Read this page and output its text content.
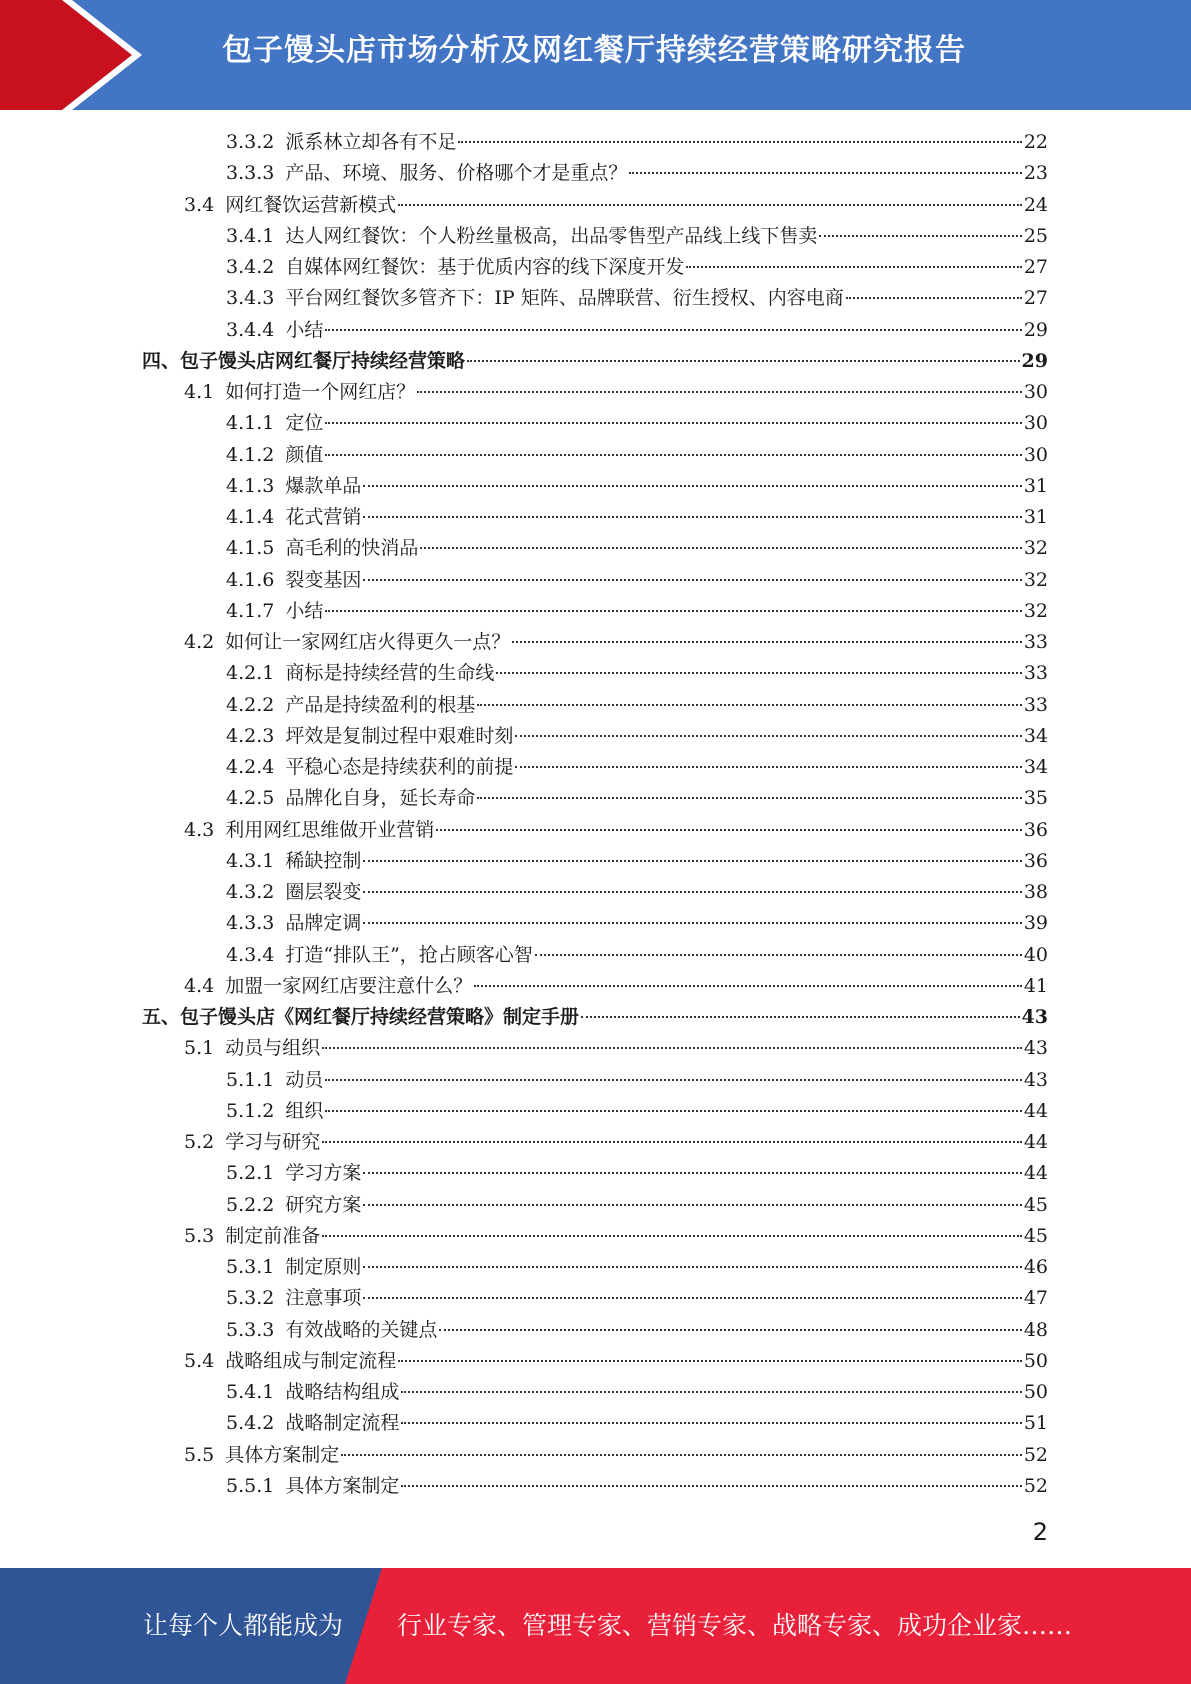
包子馒头店市场分析及网红餐厅持续经营策略研究报告
3.3.2 派系林立却各有不足	22
3.3.3 产品、环境、服务、价格哪个才是重点？	23
3.4 网红餐饮运营新模式	24
3.4.1 达人网红餐饮：个人粉丝量极高，出品零售型产品线上线下售卖	25
3.4.2 自媒体网红餐饮：基于优质内容的线下深度开发	27
3.4.3 平台网红餐饮多管齐下：IP 矩阵、品牌联营、衍生授权、内容电商	27
3.4.4 小结	29
四、包子馒头店网红餐厅持续经营策略	29
4.1 如何打造一个网红店？	30
4.1.1 定位	30
4.1.2 颜值	30
4.1.3 爆款单品	31
4.1.4 花式营销	31
4.1.5 高毛利的快消品	32
4.1.6 裂变基因	32
4.1.7 小结	32
4.2 如何让一家网红店火得更久一点？	33
4.2.1 商标是持续经营的生命线	33
4.2.2 产品是持续盈利的根基	33
4.2.3 坪效是复制过程中艰难时刻	34
4.2.4 平稳心态是持续获利的前提	34
4.2.5 品牌化自身，延长寿命	35
4.3 利用网红思维做开业营销	36
4.3.1 稀缺控制	36
4.3.2 圈层裂变	38
4.3.3 品牌定调	39
4.3.4 打造“排队王”，抢占顾客心智	40
4.4 加盟一家网红店要注意什么？	41
五、包子馒头店《网红餐厅持续经营策略》制定手册	43
5.1 动员与组织	43
5.1.1 动员	43
5.1.2 组织	44
5.2 学习与研究	44
5.2.1 学习方案	44
5.2.2 研究方案	45
5.3 制定前准备	45
5.3.1 制定原则	46
5.3.2 注意事项	47
5.3.3 有效战略的关键点	48
5.4 战略组成与制定流程	50
5.4.1 战略结构组成	50
5.4.2 战略制定流程	51
5.5 具体方案制定	52
5.5.1 具体方案制定	52
2
让每个人都能成为 行业专家、管理专家、营销专家、战略专家、成功企业家……
